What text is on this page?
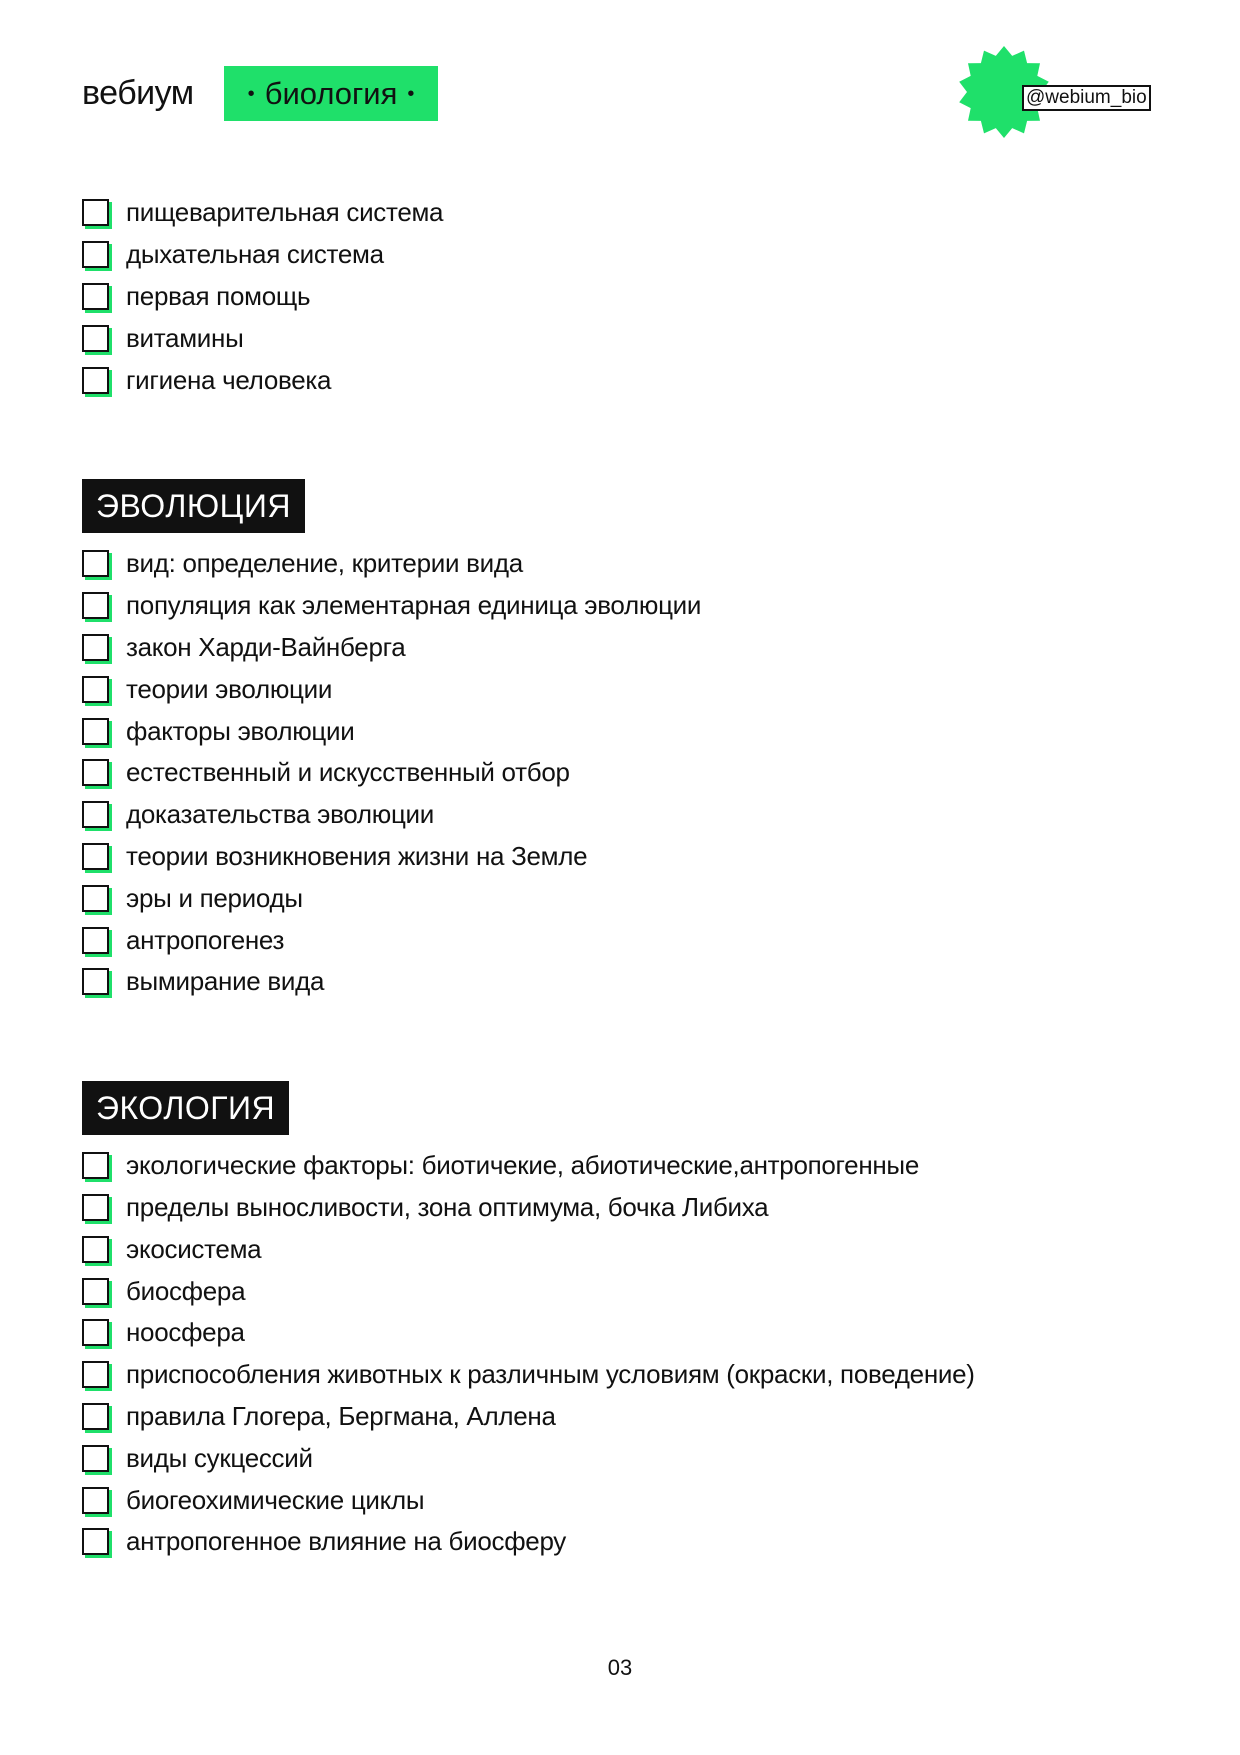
вебиум	• биология •	@webium_bio
пищеварительная система
дыхательная система
первая помощь
витамины
гигиена человека
ЭВОЛЮЦИЯ
вид: определение, критерии вида
популяция как элементарная единица эволюции
закон Харди-Вайнберга
теории эволюции
факторы эволюции
естественный и искусственный отбор
доказательства эволюции
теории возникновения жизни на Земле
эры и периоды
антропогенез
вымирание вида
ЭКОЛОГИЯ
экологические факторы: биотичекие, абиотические,антропогенные
пределы выносливости, зона оптимума, бочка Либиха
экосистема
биосфера
ноосфера
приспособления животных к различным условиям (окраски, поведение)
правила Глогера, Бергмана, Аллена
виды сукцессий
биогеохимические циклы
антропогенное влияние на биосферу
03
